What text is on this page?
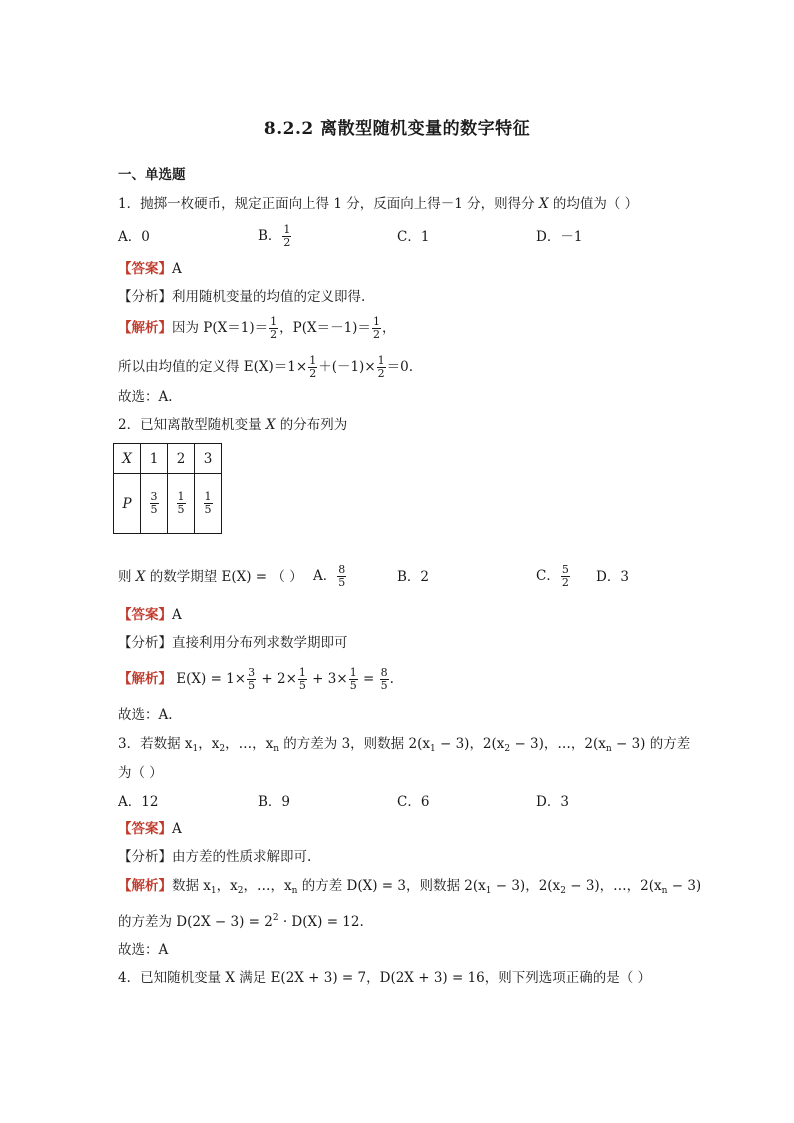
8.2.2 离散型随机变量的数字特征
一、单选题
1．抛掷一枚硬币，规定正面向上得 1 分，反面向上得－1 分，则得分 X 的均值为（ ）
A．0	B． $\frac{1}{2}$	C．1	D．－1
【答案】A
【分析】利用随机变量的均值的定义即得.
【解析】因为 $P(X=1)= \frac{1}{2}$ ，$P(X=-1)= \frac{1}{2}$ ，
所以由均值的定义得 $E(X)=1\times \frac{1}{2} +(-1)\times \frac{1}{2} =0$.
故选：A.
2．已知离散型随机变量 X 的分布列为
X	1	2	3
P	$\frac{3}{5}$	$\frac{1}{5}$	$\frac{1}{5}$
则 X 的数学期望 E(X) = （ ） A． $\frac{8}{5}$	B．2	C． $\frac{5}{2}$ D．3
【答案】A
【分析】直接利用分布列求数学期即可
【解析】 $E(X) = 1\times \frac{3}{5} + 2\times \frac{1}{5} + 3\times \frac{1}{5} = \frac{8}{5}$ .
故选：A.
3．若数据 $x_1$，$x_2$，…，$x_n$ 的方差为 3，则数据 $2(x_1 - 3)$，$2(x_2 - 3)$，…，$2(x_n - 3)$ 的方差
为（ ）
A．12	B．9	C．6	D．3
【答案】A
【分析】由方差的性质求解即可.
【解析】数据 $x_1$，$x_2$，…，$x_n$ 的方差 D(X) = 3，则数据 $2(x_1 - 3)$，$2(x_2 - 3)$，…，$2(x_n - 3)$
的方差为 $D(2X - 3) = 2^2 \cdot D(X) = 12$.
故选：A
4．已知随机变量 X 满足 E(2X + 3) = 7，D(2X + 3) = 16，则下列选项正确的是（ ）
